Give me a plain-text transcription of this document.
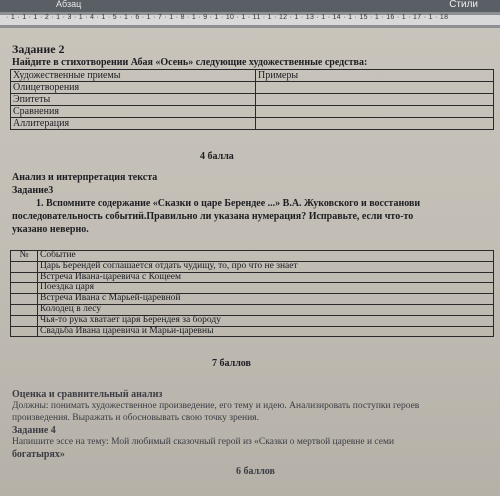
Абзац	Стили
· 1 · 1 · 1 · 2 · 1 · 3 · 1 · 4 · 1 · 5 · 1 · 6 · 1 · 7 · 1 · 8 · 1 · 9 · 1 · 10 · 1 · 11 · 1 · 12 · 1 · 13 · 1 · 14 · 1 · 15 · 1 · 16 · 1 · 17 · 1 · 18
Задание 2
Найдите в стихотворении Абая «Осень» следующие художественные средства:
Художественные приемы	Примеры
Олицетворения	
Эпитеты	
Сравнения	
Аллитерация	
4 балла
Анализ и интерпретация текста
Задание3
1. Вспомните содержание «Сказки о царе Берендее ...» В.А. Жуковского и восстанови
последовательность событий.Правильно ли указана нумерация? Исправьте, если что-то
указано неверно.
№	Событие
	Царь Берендей соглашается отдать чудищу, то, про что не знает
	Встреча Ивана-царевича с Кощеем
	Поездка царя
	Встреча Ивана с Марьей-царевной
	Колодец в лесу
	Чья-то рука хватает царя Берендея за бороду
	Свадьба Ивана царевича и Марьи-царевны
7 баллов
Оценка и сравнительный анализ
Должны: понимать художественное произведение, его тему и идею. Анализировать поступки героев
произведения. Выражать и обосновывать свою точку зрения.
Задание 4
Напишите эссе на тему: Мой любимый сказочный герой из «Сказки о мертвой царевне и семи
богатырях»
6 баллов
